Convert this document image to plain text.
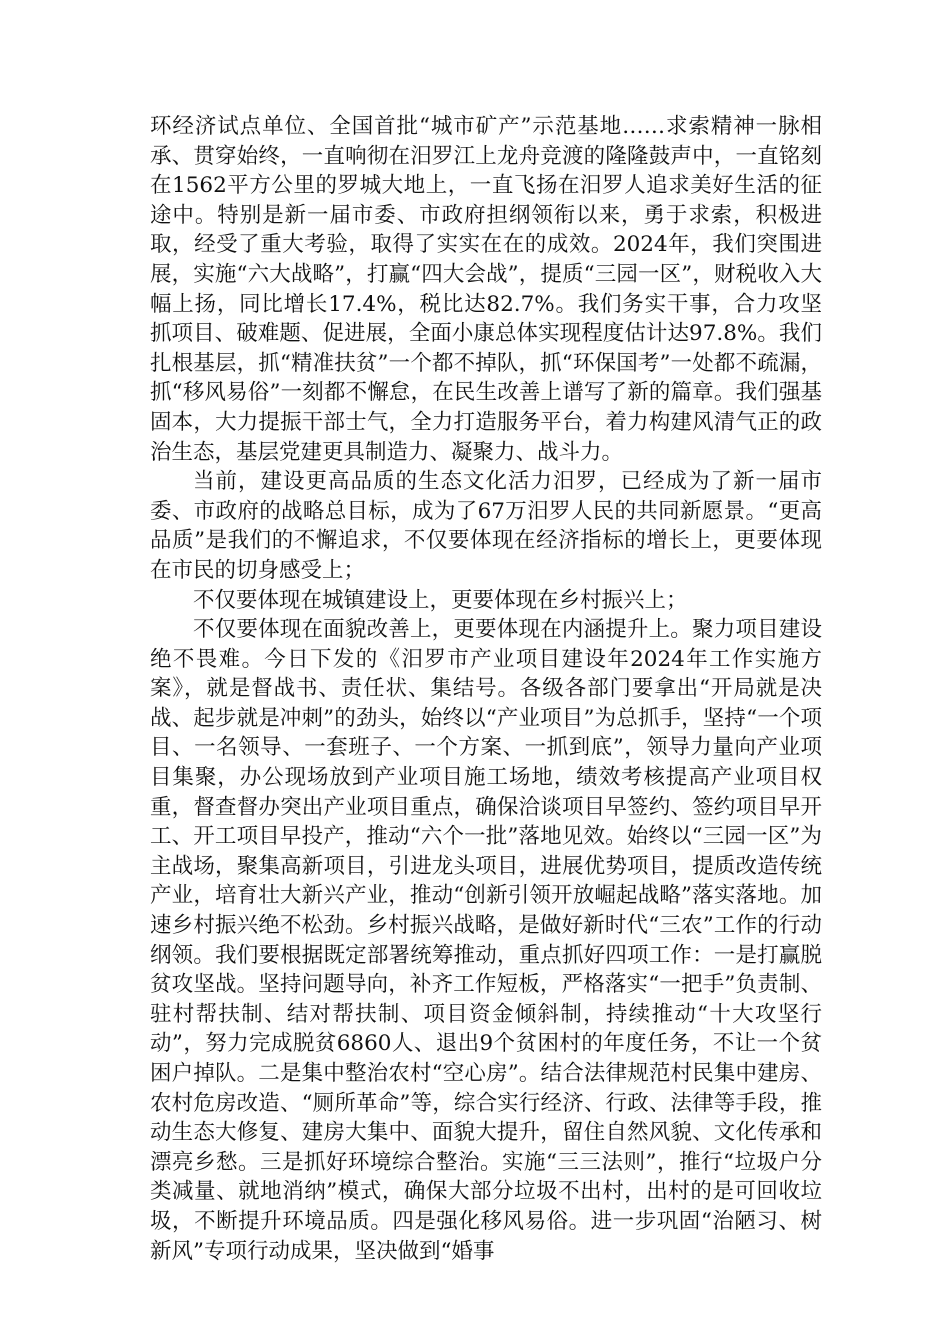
环经济试点单位、全国首批“城市矿产”示范基地……求索精神一脉相承、贯穿始终，一直响彻在汨罗江上龙舟竞渡的隆隆鼓声中，一直铭刻在1562平方公里的罗城大地上，一直飞扬在汨罗人追求美好生活的征途中。特别是新一届市委、市政府担纲领衔以来，勇于求索，积极进取，经受了重大考验，取得了实实在在的成效。2024年，我们突围进展，实施“六大战略”，打赢“四大会战”，提质“三园一区”，财税收入大幅上扬，同比增长17.4%，税比达82.7%。我们务实干事，合力攻坚抓项目、破难题、促进展，全面小康总体实现程度估计达97.8%。我们扎根基层，抓“精准扶贫”一个都不掉队，抓“环保国考”一处都不疏漏，抓“移风易俗”一刻都不懈怠，在民生改善上谱写了新的篇章。我们强基固本，大力提振干部士气，全力打造服务平台，着力构建风清气正的政治生态，基层党建更具制造力、凝聚力、战斗力。

当前，建设更高品质的生态文化活力汨罗，已经成为了新一届市委、市政府的战略总目标，成为了67万汨罗人民的共同新愿景。“更高品质”是我们的不懈追求，不仅要体现在经济指标的增长上，更要体现在市民的切身感受上；

不仅要体现在城镇建设上，更要体现在乡村振兴上；

不仅要体现在面貌改善上，更要体现在内涵提升上。聚力项目建设绝不畏难。今日下发的《汨罗市产业项目建设年2024年工作实施方案》，就是督战书、责任状、集结号。各级各部门要拿出“开局就是决战、起步就是冲刺”的劲头，始终以“产业项目”为总抓手，坚持“一个项目、一名领导、一套班子、一个方案、一抓到底”，领导力量向产业项目集聚，办公现场放到产业项目施工场地，绩效考核提高产业项目权重，督查督办突出产业项目重点，确保洽谈项目早签约、签约项目早开工、开工项目早投产，推动“六个一批”落地见效。始终以“三园一区”为主战场，聚集高新项目，引进龙头项目，进展优势项目，提质改造传统产业，培育壮大新兴产业，推动“创新引领开放崛起战略”落实落地。加速乡村振兴绝不松劲。乡村振兴战略，是做好新时代“三农”工作的行动纲领。我们要根据既定部署统筹推动，重点抓好四项工作：一是打赢脱贫攻坚战。坚持问题导向，补齐工作短板，严格落实“一把手”负责制、驻村帮扶制、结对帮扶制、项目资金倾斜制，持续推动“十大攻坚行动”，努力完成脱贫6860人、退出9个贫困村的年度任务，不让一个贫困户掉队。二是集中整治农村“空心房”。结合法律规范村民集中建房、农村危房改造、“厕所革命”等，综合实行经济、行政、法律等手段，推动生态大修复、建房大集中、面貌大提升，留住自然风貌、文化传承和漂亮乡愁。三是抓好环境综合整治。实施“三三法则”，推行“垃圾户分类减量、就地消纳”模式，确保大部分垃圾不出村，出村的是可回收垃圾，不断提升环境品质。四是强化移风易俗。进一步巩固“治陋习、树新风”专项行动成果，坚决做到“婚事
